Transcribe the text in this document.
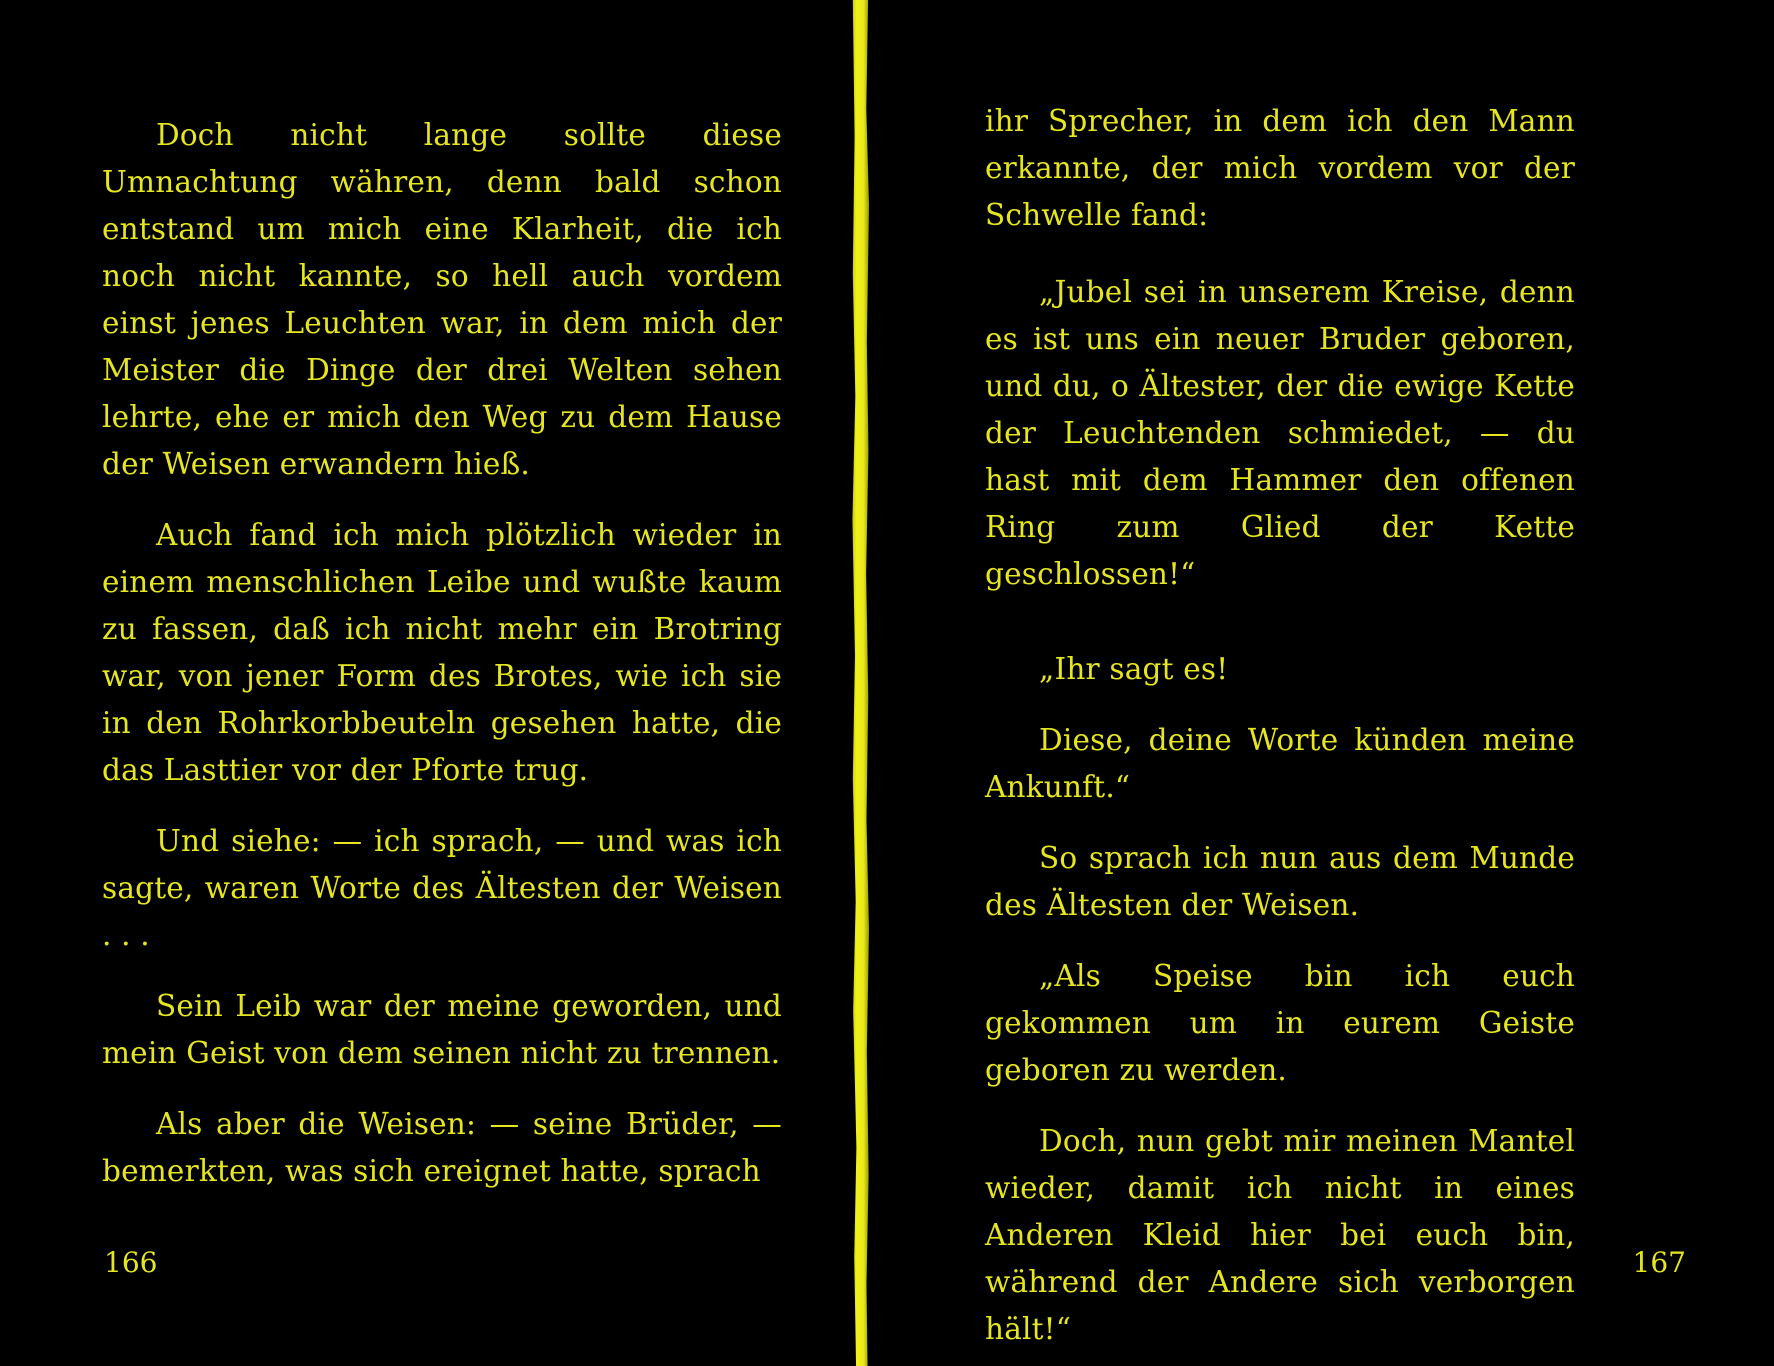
Doch nicht lange sollte diese Umnachtung währen, denn bald schon entstand um mich eine Klarheit, die ich noch nicht kannte, so hell auch vordem einst jenes Leuchten war, in dem mich der Meister die Dinge der drei Welten sehen lehrte, ehe er mich den Weg zu dem Hause der Weisen erwandern hieß.

Auch fand ich mich plötzlich wieder in einem menschlichen Leibe und wußte kaum zu fassen, daß ich nicht mehr ein Brotring war, von jener Form des Brotes, wie ich sie in den Rohrkorbbeuteln gesehen hatte, die das Lasttier vor der Pforte trug.

Und siehe: — ich sprach, — und was ich sagte, waren Worte des Ältesten der Weisen . . .

Sein Leib war der meine geworden, und mein Geist von dem seinen nicht zu trennen.

Als aber die Weisen: — seine Brüder, — bemerkten, was sich ereignet hatte, sprach

166

ihr Sprecher, in dem ich den Mann erkannte, der mich vordem vor der Schwelle fand:

„Jubel sei in unserem Kreise, denn es ist uns ein neuer Bruder geboren, und du, o Ältester, der die ewige Kette der Leuchtenden schmiedet, — du hast mit dem Hammer den offenen Ring zum Glied der Kette geschlossen!“

„Ihr sagt es!

Diese, deine Worte künden meine Ankunft.“

So sprach ich nun aus dem Munde des Ältesten der Weisen.

„Als Speise bin ich euch gekommen um in eurem Geiste geboren zu werden.

Doch, nun gebt mir meinen Mantel wieder, damit ich nicht in eines Anderen Kleid hier bei euch bin, während der Andere sich verborgen hält!“

167
